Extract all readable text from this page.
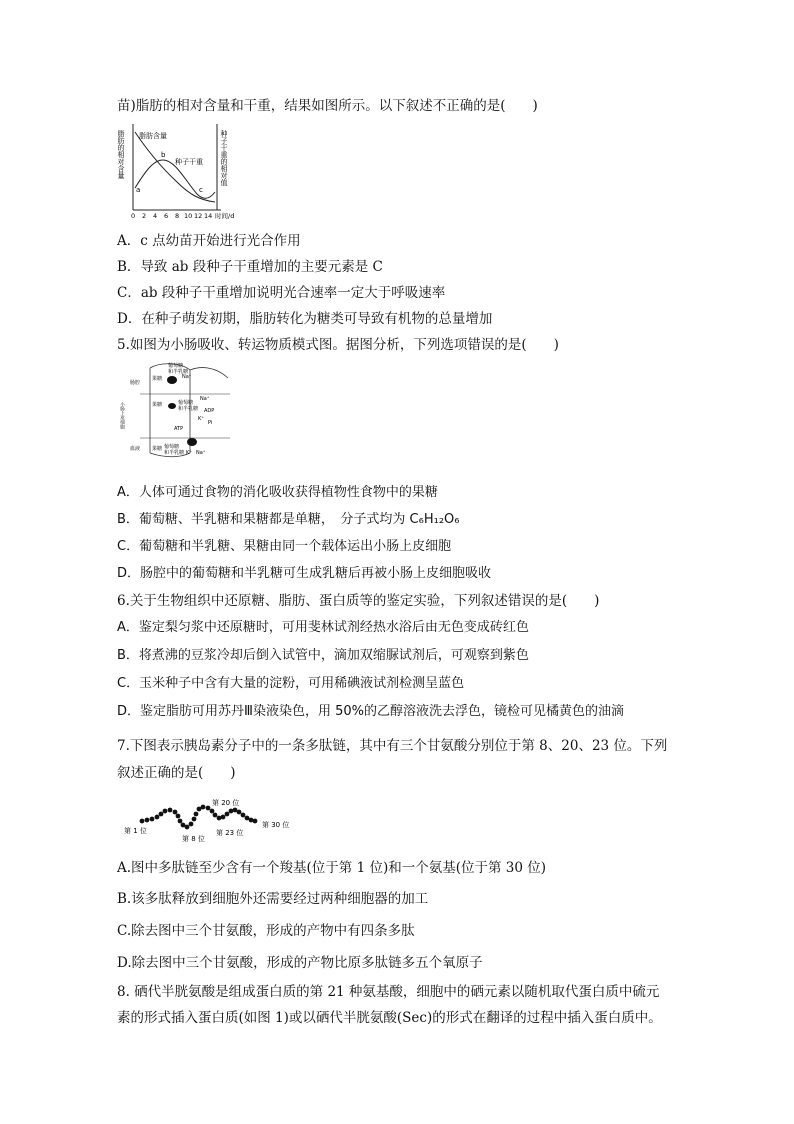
苗)脂肪的相对含量和干重，结果如图所示。以下叙述不正确的是(　　)
脂肪的相对含量	种子干重的相对值
脂肪含量
种子干重
a
b
c
0 2 4 6 8 10 12 14 时间/d
A．c 点幼苗开始进行光合作用
B．导致 ab 段种子干重增加的主要元素是 C
C．ab 段种子干重增加说明光合速率一定大于呼吸速率
D．在种子萌发初期，脂肪转化为糖类可导致有机物的总量增加
5.如图为小肠吸收、转运物质模式图。据图分析，下列选项错误的是(　　)
肠腔
果糖
葡萄糖
和半乳糖
Na⁺
小肠上皮细胞	果糖	葡萄糖
和半乳糖
Na⁺
K⁺
ADP
Pi
ATP
血液 果糖 葡萄糖
和半乳糖 K⁺ Na⁺
A．人体可通过食物的消化吸收获得植物性食物中的果糖
B．葡萄糖、半乳糖和果糖都是单糖，　分子式均为 C₆H₁₂O₆
C．葡萄糖和半乳糖、果糖由同一个载体运出小肠上皮细胞
D．肠腔中的葡萄糖和半乳糖可生成乳糖后再被小肠上皮细胞吸收
6.关于生物组织中还原糖、脂肪、蛋白质等的鉴定实验，下列叙述错误的是(　　)
A．鉴定梨匀浆中还原糖时，可用斐林试剂经热水浴后由无色变成砖红色
B．将煮沸的豆浆冷却后倒入试管中，滴加双缩脲试剂后，可观察到紫色
C．玉米种子中含有大量的淀粉，可用稀碘液试剂检测呈蓝色
D．鉴定脂肪可用苏丹Ⅲ染液染色，用 50%的乙醇溶液洗去浮色，镜检可见橘黄色的油滴
7.下图表示胰岛素分子中的一条多肽链，其中有三个甘氨酸分别位于第 8、20、23 位。下列
叙述正确的是(　　)
第 1 位
第 8 位
第 20 位
第 23 位
第 30 位
A.图中多肽链至少含有一个羧基(位于第 1 位)和一个氨基(位于第 30 位)
B.该多肽释放到细胞外还需要经过两种细胞器的加工
C.除去图中三个甘氨酸，形成的产物中有四条多肽
D.除去图中三个甘氨酸，形成的产物比原多肽链多五个氧原子
8. 硒代半胱氨酸是组成蛋白质的第 21 种氨基酸，细胞中的硒元素以随机取代蛋白质中硫元
素的形式插入蛋白质(如图 1)或以硒代半胱氨酸(Sec)的形式在翻译的过程中插入蛋白质中。
